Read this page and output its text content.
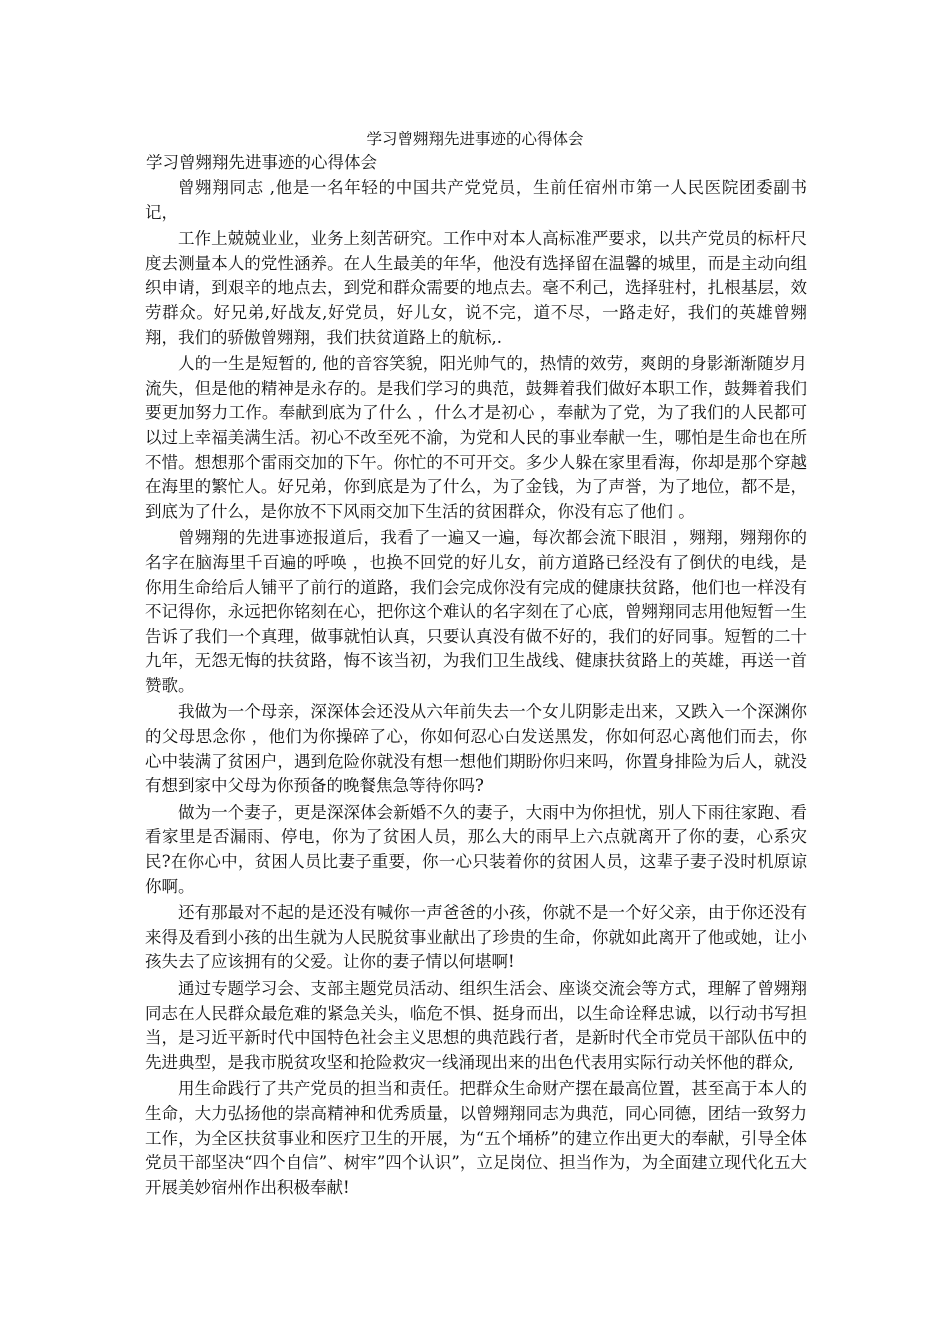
学习曾翙翔先进事迹的心得体会
学习曾翙翔先进事迹的心得体会

曾翙翔同志 ,他是一名年轻的中国共产党党员，生前任宿州市第一人民医院团委副书记，

工作上兢兢业业，业务上刻苦研究。工作中对本人高标准严要求，以共产党员的标杆尺度去测量本人的党性涵养。在人生最美的年华，他没有选择留在温馨的城里，而是主动向组织申请，到艰辛的地点去，到党和群众需要的地点去。毫不利己，选择驻村，扎根基层，效劳群众。好兄弟,好战友,好党员，好儿女，说不完，道不尽，一路走好，我们的英雄曾翙翔，我们的骄傲曾翙翔，我们扶贫道路上的航标,.

人的一生是短暂的, 他的音容笑貌，阳光帅气的，热情的效劳，爽朗的身影渐渐随岁月流失，但是他的精神是永存的。是我们学习的典范，鼓舞着我们做好本职工作，鼓舞着我们要更加努力工作。奉献到底为了什么 ，什么才是初心 ，奉献为了党，为了我们的人民都可以过上幸福美满生活。初心不改至死不渝，为党和人民的事业奉献一生，哪怕是生命也在所不惜。想想那个雷雨交加的下午。你忙的不可开交。多少人躲在家里看海，你却是那个穿越在海里的繁忙人。好兄弟，你到底是为了什么，为了金钱，为了声誉，为了地位，都不是，到底为了什么，是你放不下风雨交加下生活的贫困群众，你没有忘了他们 。

曾翙翔的先进事迹报道后，我看了一遍又一遍，每次都会流下眼泪 ，翙翔，翙翔你的名字在脑海里千百遍的呼唤 ，也换不回党的好儿女，前方道路已经没有了倒伏的电线，是你用生命给后人铺平了前行的道路，我们会完成你没有完成的健康扶贫路，他们也一样没有不记得你，永远把你铭刻在心，把你这个难认的名字刻在了心底，曾翙翔同志用他短暂一生告诉了我们一个真理，做事就怕认真，只要认真没有做不好的，我们的好同事。短暂的二十九年，无怨无悔的扶贫路，悔不该当初，为我们卫生战线、健康扶贫路上的英雄，再送一首赞歌。

我做为一个母亲，深深体会还没从六年前失去一个女儿阴影走出来，又跌入一个深渊你的父母思念你 ，他们为你操碎了心，你如何忍心白发送黑发，你如何忍心离他们而去，你心中装满了贫困户，遇到危险你就没有想一想他们期盼你归来吗，你置身排险为后人，就没有想到家中父母为你预备的晚餐焦急等待你吗?

做为一个妻子，更是深深体会新婚不久的妻子，大雨中为你担忧，别人下雨往家跑、看看家里是否漏雨、停电，你为了贫困人员，那么大的雨早上六点就离开了你的妻，心系灾民?在你心中，贫困人员比妻子重要，你一心只装着你的贫困人员，这辈子妻子没时机原谅你啊。

还有那最对不起的是还没有喊你一声爸爸的小孩，你就不是一个好父亲，由于你还没有来得及看到小孩的出生就为人民脱贫事业献出了珍贵的生命，你就如此离开了他或她，让小孩失去了应该拥有的父爱。让你的妻子情以何堪啊!

通过专题学习会、支部主题党员活动、组织生活会、座谈交流会等方式，理解了曾翙翔同志在人民群众最危难的紧急关头，临危不惧、挺身而出，以生命诠释忠诚，以行动书写担当，是习近平新时代中国特色社会主义思想的典范践行者，是新时代全市党员干部队伍中的先进典型，是我市脱贫攻坚和抢险救灾一线涌现出来的出色代表用实际行动关怀他的群众,

用生命践行了共产党员的担当和责任。把群众生命财产摆在最高位置，甚至高于本人的生命，大力弘扬他的崇高精神和优秀质量，以曾翙翔同志为典范，同心同德，团结一致努力工作，为全区扶贫事业和医疗卫生的开展，为“五个埇桥”的建立作出更大的奉献，引导全体党员干部坚决“四个自信”、树牢”四个认识”，立足岗位、担当作为，为全面建立现代化五大开展美妙宿州作出积极奉献!
